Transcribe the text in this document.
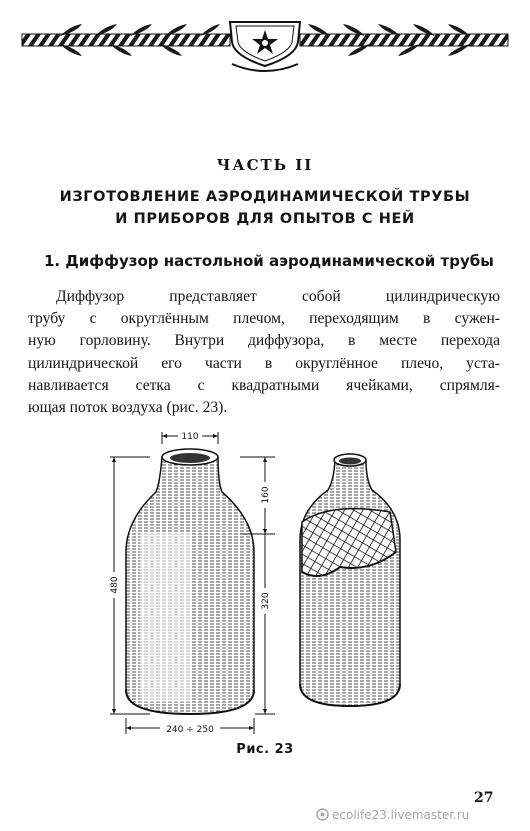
ЧАСТЬ II
ИЗГОТОВЛЕНИЕ АЭРОДИНАМИЧЕСКОЙ ТРУБЫ
И ПРИБОРОВ ДЛЯ ОПЫТОВ С НЕЙ
1. Диффузор настольной аэродинамической трубы
Диффузор представляет собой цилиндрическую
трубу с округлённым плечом, переходящим в сужен-
ную горловину. Внутри диффузора, в месте перехода
цилиндрической его части в округлённое плечо, уста-
навливается сетка с квадратными ячейками, спрямля-
ющая поток воздуха (рис. 23).
110
480
160
320
240 ÷ 250
Рис. 23
27
ecolife23.livemaster.ru
